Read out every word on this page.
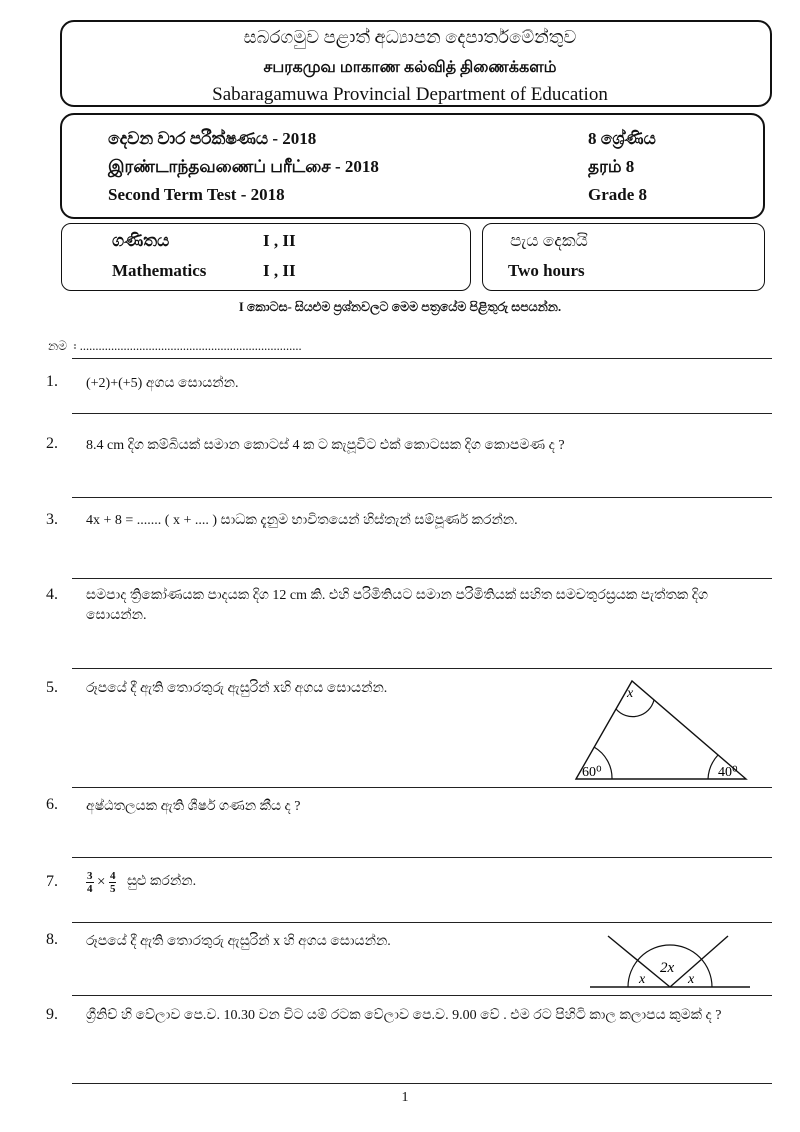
සබරගමුව පළාත් අධ්‍යාපන දෙපාර්තමේන්තුව
சபரகமுவ மாகாண கல்வித் திணைக்களம்
Sabaragamuwa Provincial Department of Education
දෙවන වාර පරීක්ෂණය - 2018
இரண்டாந்தவணைப் பரீட்சை - 2018
Second Term Test - 2018
8 ශ්‍රේණිය
தரம் 8
Grade 8
ගණිතය	I , II
Mathematics	I , II
පැය දෙකයි
Two hours
I කොටස- සියළුම ප්‍රශ්නවලට මෙම පත්‍රයේම පිළිතුරු සපයන්න.
නම ඃ .......................................................................
1. (+2)+(+5) අගය සොයන්න.
2. 8.4 cm දිග කම්බියක් සමාන කොටස් 4 ක ට කැපූවිට එක් කොටසක දිග කොපමණ ද ?
3. 4x + 8 = ....... ( x + .... ) සාධක දැනුම භාවිතයෙන් හිස්තැන් සම්පූර්ණ කරන්න.
4. සමපාද ත්‍රිකෝණයක පාදයක දිග 12 cm කි. එහි පරිමිතියට සමාන පරිමිතියක් සහිත සමචතුරස්‍රයක පැත්තක දිග සොයන්න.
5. රූපයේ දී ඇති තොරතුරු ඇසුරින් xහි අගය සොයන්න.	x
60⁰	40⁰
6. අෂ්ඨතලයක ඇති ශීර්ෂ ගණන කීය ද ?
7.	$\frac{3}{4} \times \frac{4}{5}$ සුළු කරන්න.
8. රූපයේ දී ඇති තොරතුරු ඇසුරින් x හි අගය සොයන්න.
2x
x	x
9. ග්‍රීනිච් හි වේලාව පෙ.ව. 10.30 වන විට යම් රටක වේලාව පෙ.ව. 9.00 වේ . එම රට පිහිටි කාල කලාපය කුමක් ද ?
1
